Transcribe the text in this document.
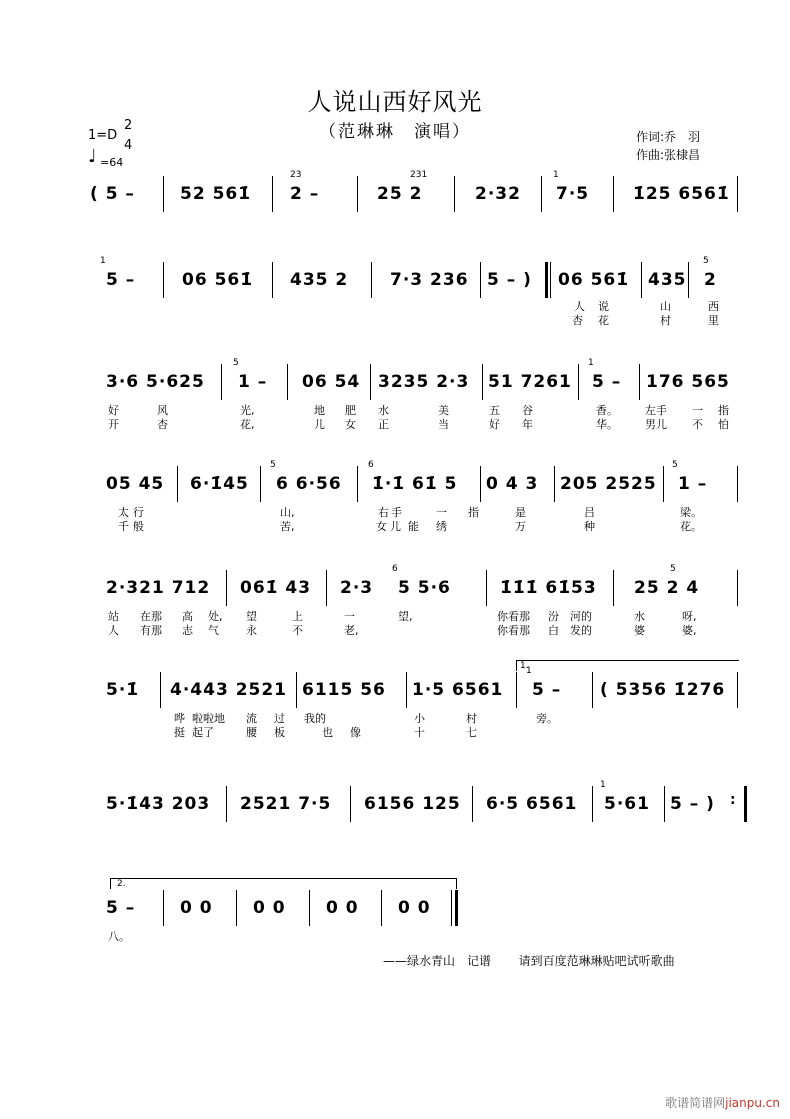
人说山西好风光
（范琳琳　演唱）
1=D
2
4
♩ =64
作词:乔　羽
作曲:张棣昌
( 5 –	52 561̇
23
2 –	25 2
231
2·32
1
7·5	1̇25 6561̇
1
5 –	06 561̇ 435 2 7·3 236 5 – ) 06 561̇ 435
5
2
人 说	山	西
杏 花	村	里
3·6 5·625
5
1 – 06 54 3235 2·3 51 7261
1
5 – 176 565
好	风	光,	地 肥 水	美	五 谷	香。 左手 一 指
开	杏	花,	儿 女 正	当	好 年	华。 男儿 不 怕
05 45 6·1̇45
5
6 6·56
6
1̇·1̇ 61̇ 5 0 4 3 205 2525
5
1 –
太 行	山,	右 手	一 指	是	吕	梁。
千 般	苦,	女 儿 能 绣	万	种	花。
2·321 712 061̇ 43 2·3
6
5 5·6	1̇1̇1̇ 61̇53
5
25 2 4
站 在那 高 处, 望	上	一	望,	你看那 汾 河的	水	呀,
人 有那 志 气 永	不	老,	你看那 白 发的	婆	婆,
5·1̇ 4·443 2521 6115 56 1·5 6561
1.
1
5 – ( 5356 1̇276
哗 啦啦地 流 过 我的	小	村	旁。
挺 起了	腰 板	也 像	十	七
5·1̇43 203 2521 7·5 6156 125 6·5 6561
1
5·61 5 – ) :
2.
5 –	0 0 0 0 0 0 0 0
八。
——绿水青山　记谱 请到百度范琳琳贴吧试听歌曲
歌谱简谱网jianpu.cn
